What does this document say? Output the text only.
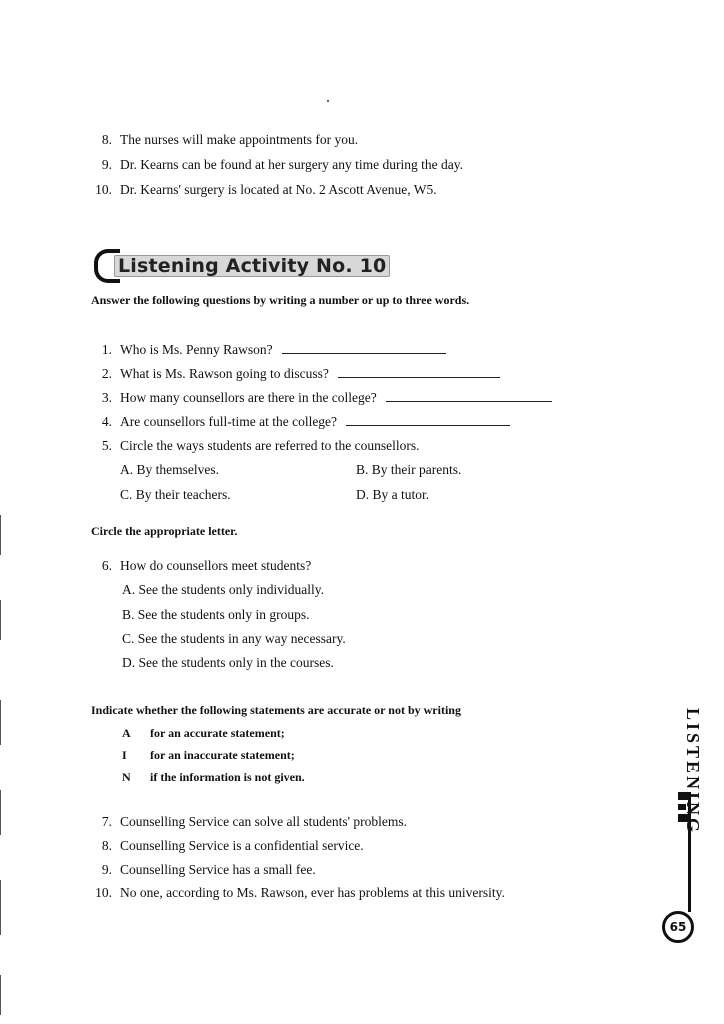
8. The nurses will make appointments for you.
9. Dr. Kearns can be found at her surgery any time during the day.
10. Dr. Kearns' surgery is located at No. 2 Ascott Avenue, W5.
Listening Activity No. 10
Answer the following questions by writing a number or up to three words.
1. Who is Ms. Penny Rawson?
2. What is Ms. Rawson going to discuss?
3. How many counsellors are there in the college?
4. Are counsellors full-time at the college?
5. Circle the ways students are referred to the counsellors.
A. By themselves.	B. By their parents.
C. By their teachers.	D. By a tutor.
Circle the appropriate letter.
6. How do counsellors meet students?
A. See the students only individually.
B. See the students only in groups.
C. See the students in any way necessary.
D. See the students only in the courses.
Indicate whether the following statements are accurate or not by writing
A for an accurate statement;
I for an inaccurate statement;
N if the information is not given.
7. Counselling Service can solve all students' problems.
8. Counselling Service is a confidential service.
9. Counselling Service has a small fee.
10. No one, according to Ms. Rawson, ever has problems at this university.
LISTENING
65
